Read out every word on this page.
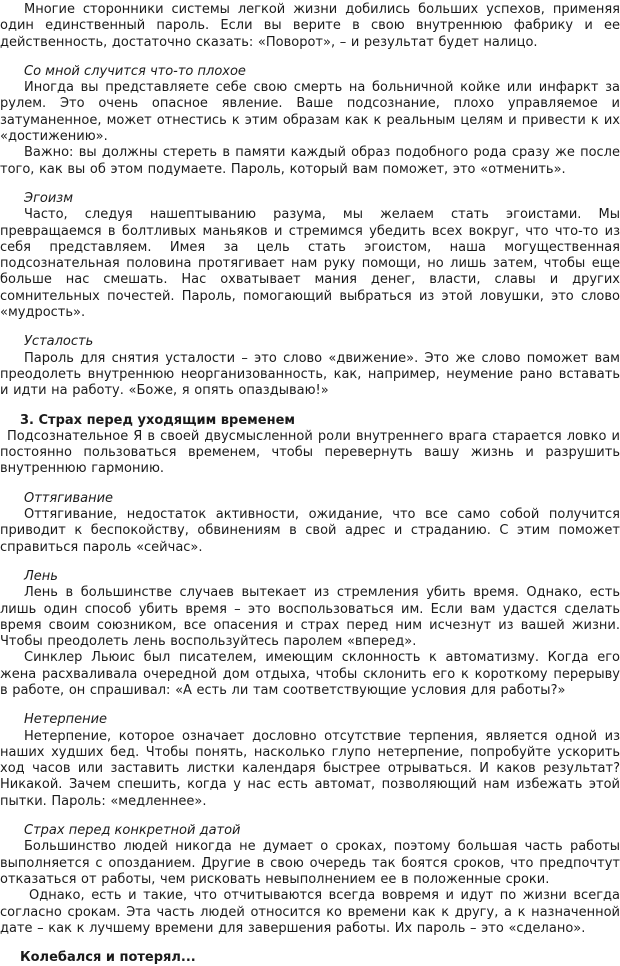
Многие сторонники системы легкой жизни добились больших успехов, применяя один единственный пароль. Если вы верите в свою внутреннюю фабрику и ее действенность, достаточно сказать: «Поворот», – и результат будет налицо.

Со мной случится что-то плохое

Иногда вы представляете себе свою смерть на больничной койке или инфаркт за рулем. Это очень опасное явление. Ваше подсознание, плохо управляемое и затуманенное, может отнестись к этим образам как к реальным целям и привести к их «достижению».

Важно: вы должны стереть в памяти каждый образ подобного рода сразу же после того, как вы об этом подумаете. Пароль, который вам поможет, это «отменить».

Эгоизм

Часто, следуя нашептыванию разума, мы желаем стать эгоистами. Мы превращаемся в болтливых маньяков и стремимся убедить всех вокруг, что что-то из себя представляем. Имея за цель стать эгоистом, наша могущественная подсознательная половина протягивает нам руку помощи, но лишь затем, чтобы еще больше нас смешать. Нас охватывает мания денег, власти, славы и других сомнительных почестей. Пароль, помогающий выбраться из этой ловушки, это слово «мудрость».

Усталость

Пароль для снятия усталости – это слово «движение». Это же слово поможет вам преодолеть внутреннюю неорганизованность, как, например, неумение рано вставать и идти на работу. «Боже, я опять опаздываю!»

3. Страх перед уходящим временем

Подсознательное Я в своей двусмысленной роли внутреннего врага старается ловко и постоянно пользоваться временем, чтобы перевернуть вашу жизнь и разрушить внутреннюю гармонию.

Оттягивание

Оттягивание, недостаток активности, ожидание, что все само собой получится приводит к беспокойству, обвинениям в свой адрес и страданию. С этим поможет справиться пароль «сейчас».

Лень

Лень в большинстве случаев вытекает из стремления убить время. Однако, есть лишь один способ убить время – это воспользоваться им. Если вам удастся сделать время своим союзником, все опасения и страх перед ним исчезнут из вашей жизни. Чтобы преодолеть лень воспользуйтесь паролем «вперед».

Синклер Льюис был писателем, имеющим склонность к автоматизму. Когда его жена расхваливала очередной дом отдыха, чтобы склонить его к короткому перерыву в работе, он спрашивал: «А есть ли там соответствующие условия для работы?»

Нетерпение

Нетерпение, которое означает дословно отсутствие терпения, является одной из наших худших бед. Чтобы понять, насколько глупо нетерпение, попробуйте ускорить ход часов или заставить листки календаря быстрее отрываться. И каков результат? Никакой. Зачем спешить, когда у нас есть автомат, позволяющий нам избежать этой пытки. Пароль: «медленнее».

Страх перед конкретной датой

Большинство людей никогда не думает о сроках, поэтому большая часть работы выполняется с опозданием. Другие в свою очередь так боятся сроков, что предпочтут отказаться от работы, чем рисковать невыполнением ее в положенные сроки.

Однако, есть и такие, что отчитываются всегда вовремя и идут по жизни всегда согласно срокам. Эта часть людей относится ко времени как к другу, а к назначенной дате – как к лучшему времени для завершения работы. Их пароль – это «сделано».

Колебался и потерял...
